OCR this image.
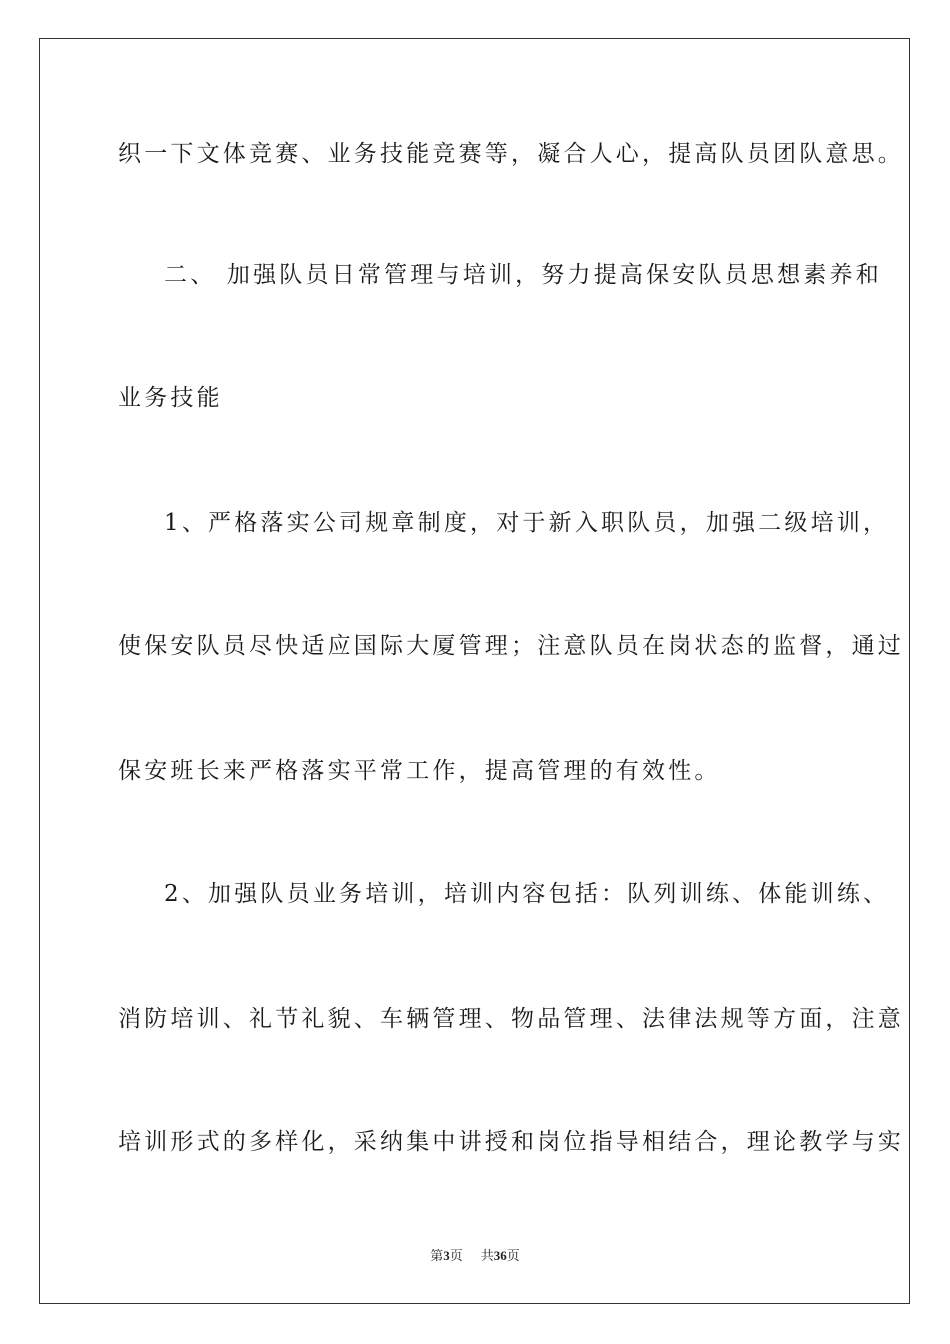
织一下文体竞赛、业务技能竞赛等，凝合人心，提高队员团队意思。
二、 加强队员日常管理与培训，努力提高保安队员思想素养和
业务技能
1、严格落实公司规章制度，对于新入职队员，加强二级培训，
使保安队员尽快适应国际大厦管理；注意队员在岗状态的监督，通过
保安班长来严格落实平常工作，提高管理的有效性。
2、加强队员业务培训，培训内容包括：队列训练、体能训练、
消防培训、礼节礼貌、车辆管理、物品管理、法律法规等方面，注意
培训形式的多样化，采纳集中讲授和岗位指导相结合，理论教学与实
第3页 共36页
